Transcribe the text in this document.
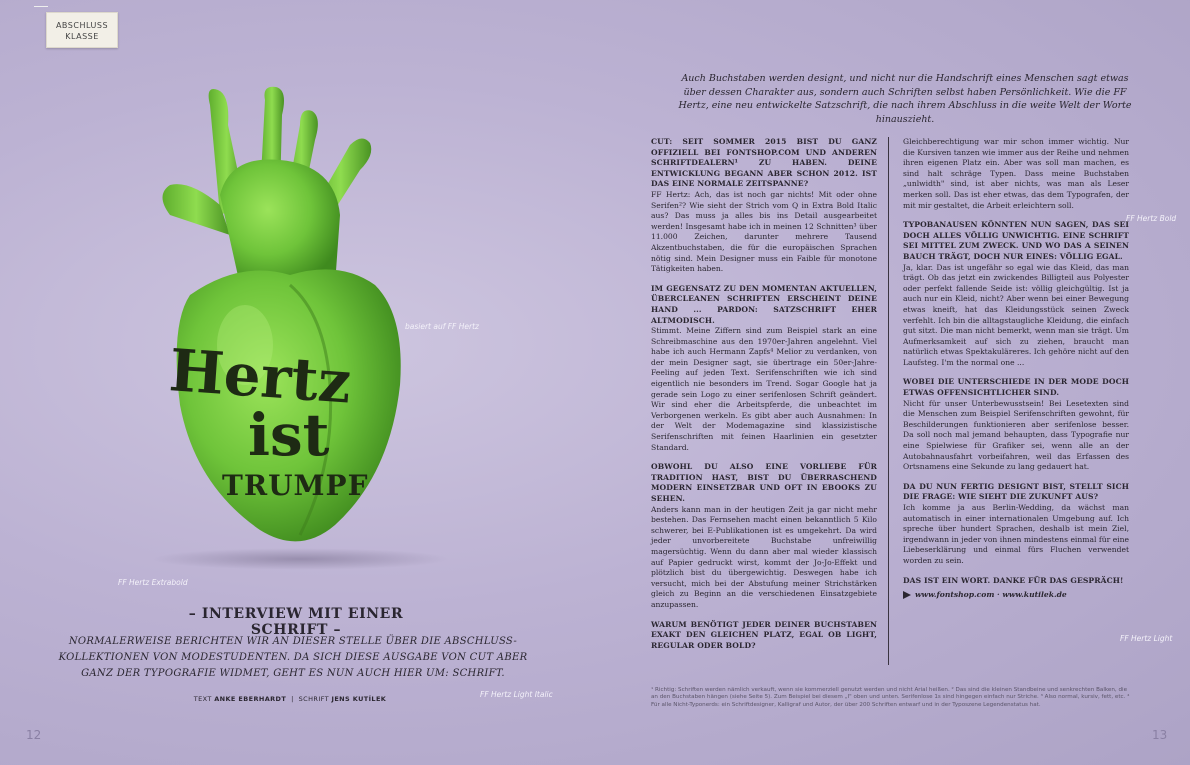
ABSCHLUSS
KLASSE
Hertz
ist
TRUMPF
basiert auf FF Hertz
FF Hertz Extrabold
FF Hertz Light Italic
FF Hertz Bold
FF Hertz Light
– INTERVIEW MIT EINER SCHRIFT –
NORMALERWEISE BERICHTEN WIR AN DIESER STELLE ÜBER DIE ABSCHLUSS-KOLLEKTIONEN VON MODESTUDENTEN. DA SICH DIESE AUSGABE VON CUT ABER GANZ DER TYPOGRAFIE WIDMET, GEHT ES NUN AUCH HIER UM: SCHRIFT.
TEXT ANKE EBERHARDT | SCHRIFT JENS KUTÍLEK
12
Auch Buchstaben werden designt, und nicht nur die Handschrift eines Menschen sagt etwas über dessen Charakter aus, sondern auch Schriften selbst haben Persönlichkeit. Wie die FF Hertz, eine neu entwickelte Satzschrift, die nach ihrem Abschluss in die weite Welt der Worte hinauszieht.

CUT: SEIT SOMMER 2015 BIST DU GANZ OFFIZIELL BEI FONTSHOP.COM UND ANDEREN SCHRIFTDEALERN¹ ZU HABEN. DEINE ENTWICKLUNG BEGANN ABER SCHON 2012. IST DAS EINE NORMALE ZEITSPANNE?

FF Hertz: Ach, das ist noch gar nichts! Mit oder ohne Serifen²? Wie sieht der Strich vom Q in Extra Bold Italic aus? Das muss ja alles bis ins Detail ausgearbeitet werden! Insgesamt habe ich in meinen 12 Schnitten³ über 11.000 Zeichen, darunter mehrere Tausend Akzentbuchstaben, die für die europäischen Sprachen nötig sind. Mein Designer muss ein Faible für monotone Tätigkeiten haben.

IM GEGENSATZ ZU DEN MOMENTAN AKTUELLEN, ÜBERCLEANEN SCHRIFTEN ERSCHEINT DEINE HAND ... PARDON: SATZSCHRIFT EHER ALTMODISCH.

Stimmt. Meine Ziffern sind zum Beispiel stark an eine Schreibmaschine aus den 1970er-Jahren angelehnt. Viel habe ich auch Hermann Zapfs⁴ Melior zu verdanken, von der mein Designer sagt, sie übertrage ein 50er-Jahre-Feeling auf jeden Text. Serifenschriften wie ich sind eigentlich nie besonders im Trend. Sogar Google hat ja gerade sein Logo zu einer serifenlosen Schrift geändert. Wir sind eher die Arbeitspferde, die unbeachtet im Verborgenen werkeln. Es gibt aber auch Ausnahmen: In der Welt der Modemagazine sind klassizistische Serifenschriften mit feinen Haarlinien ein gesetzter Standard.

OBWOHL DU ALSO EINE VORLIEBE FÜR TRADITION HAST, BIST DU ÜBERRASCHEND MODERN EINSETZBAR UND OFT IN EBOOKS ZU SEHEN.

Anders kann man in der heutigen Zeit ja gar nicht mehr bestehen. Das Fernsehen macht einen bekanntlich 5 Kilo schwerer, bei E-Publikationen ist es umgekehrt. Da wird jeder unvorbereitete Buchstabe unfreiwillig magersüchtig. Wenn du dann aber mal wieder klassisch auf Papier gedruckt wirst, kommt der Jo-Jo-Effekt und plötzlich bist du übergewichtig. Deswegen habe ich versucht, mich bei der Abstufung meiner Strichstärken gleich zu Beginn an die verschiedenen Einsatzgebiete anzupassen.

WARUM BENÖTIGT JEDER DEINER BUCHSTABEN EXAKT DEN GLEICHEN PLATZ, EGAL OB LIGHT, REGULAR ODER BOLD?

Gleichberechtigung war mir schon immer wichtig. Nur die Kursiven tanzen wie immer aus der Reihe und nehmen ihren eigenen Platz ein. Aber was soll man machen, es sind halt schräge Typen. Dass meine Buchstaben „unlwidth" sind, ist aber nichts, was man als Leser merken soll. Das ist eher etwas, das dem Typografen, der mit mir gestaltet, die Arbeit erleichtern soll.

TYPOBANAUSEN KÖNNTEN NUN SAGEN, DAS SEI DOCH ALLES VÖLLIG UNWICHTIG. EINE SCHRIFT SEI MITTEL ZUM ZWECK. UND WO DAS A SEINEN BAUCH TRÄGT, DOCH NUR EINES: VÖLLIG EGAL.

Ja, klar. Das ist ungefähr so egal wie das Kleid, das man trägt. Ob das jetzt ein zwickendes Billigteil aus Polyester oder perfekt fallende Seide ist: völlig gleichgültig. Ist ja auch nur ein Kleid, nicht? Aber wenn bei einer Bewegung etwas kneift, hat das Kleidungsstück seinen Zweck verfehlt. Ich bin die alltagstaugliche Kleidung, die einfach gut sitzt. Die man nicht bemerkt, wenn man sie trägt. Um Aufmerksamkeit auf sich zu ziehen, braucht man natürlich etwas Spektakuläreres. Ich gehöre nicht auf den Laufsteg. I'm the normal one ...

WOBEI DIE UNTERSCHIEDE IN DER MODE DOCH ETWAS OFFENSICHTLICHER SIND.

Nicht für unser Unterbewusstsein! Bei Lesetexten sind die Menschen zum Beispiel Serifenschriften gewohnt, für Beschilderungen funktionieren aber serifenlose besser. Da soll noch mal jemand behaupten, dass Typografie nur eine Spielwiese für Grafiker sei, wenn alle an der Autobahnausfahrt vorbeifahren, weil das Erfassen des Ortsnamens eine Sekunde zu lang gedauert hat.

DA DU NUN FERTIG DESIGNT BIST, STELLT SICH DIE FRAGE: WIE SIEHT DIE ZUKUNFT AUS?

Ich komme ja aus Berlin-Wedding, da wächst man automatisch in einer internationalen Umgebung auf. Ich spreche über hundert Sprachen, deshalb ist mein Ziel, irgendwann in jeder von ihnen mindestens einmal für eine Liebeserklärung und einmal fürs Fluchen verwendet worden zu sein.

DAS IST EIN WORT. DANKE FÜR DAS GESPRÄCH!

www.fontshop.com · www.kutilek.de
¹ Richtig: Schriften werden nämlich verkauft, wenn sie kommerziell genutzt werden und nicht Arial heißen. ² Das sind die kleinen Standbeine und senkrechten Balken, die an den Buchstaben hängen (siehe Seite 5). Zum Beispiel bei diesem „I" oben und unten. Serifenlose 1s sind hingegen einfach nur Striche. ³ Also normal, kursiv, fett, etc. ⁴ Für alle Nicht-Typonerds: ein Schriftdesigner, Kalligraf und Autor, der über 200 Schriften entwarf und in der Typoszene Legendenstatus hat.
13
